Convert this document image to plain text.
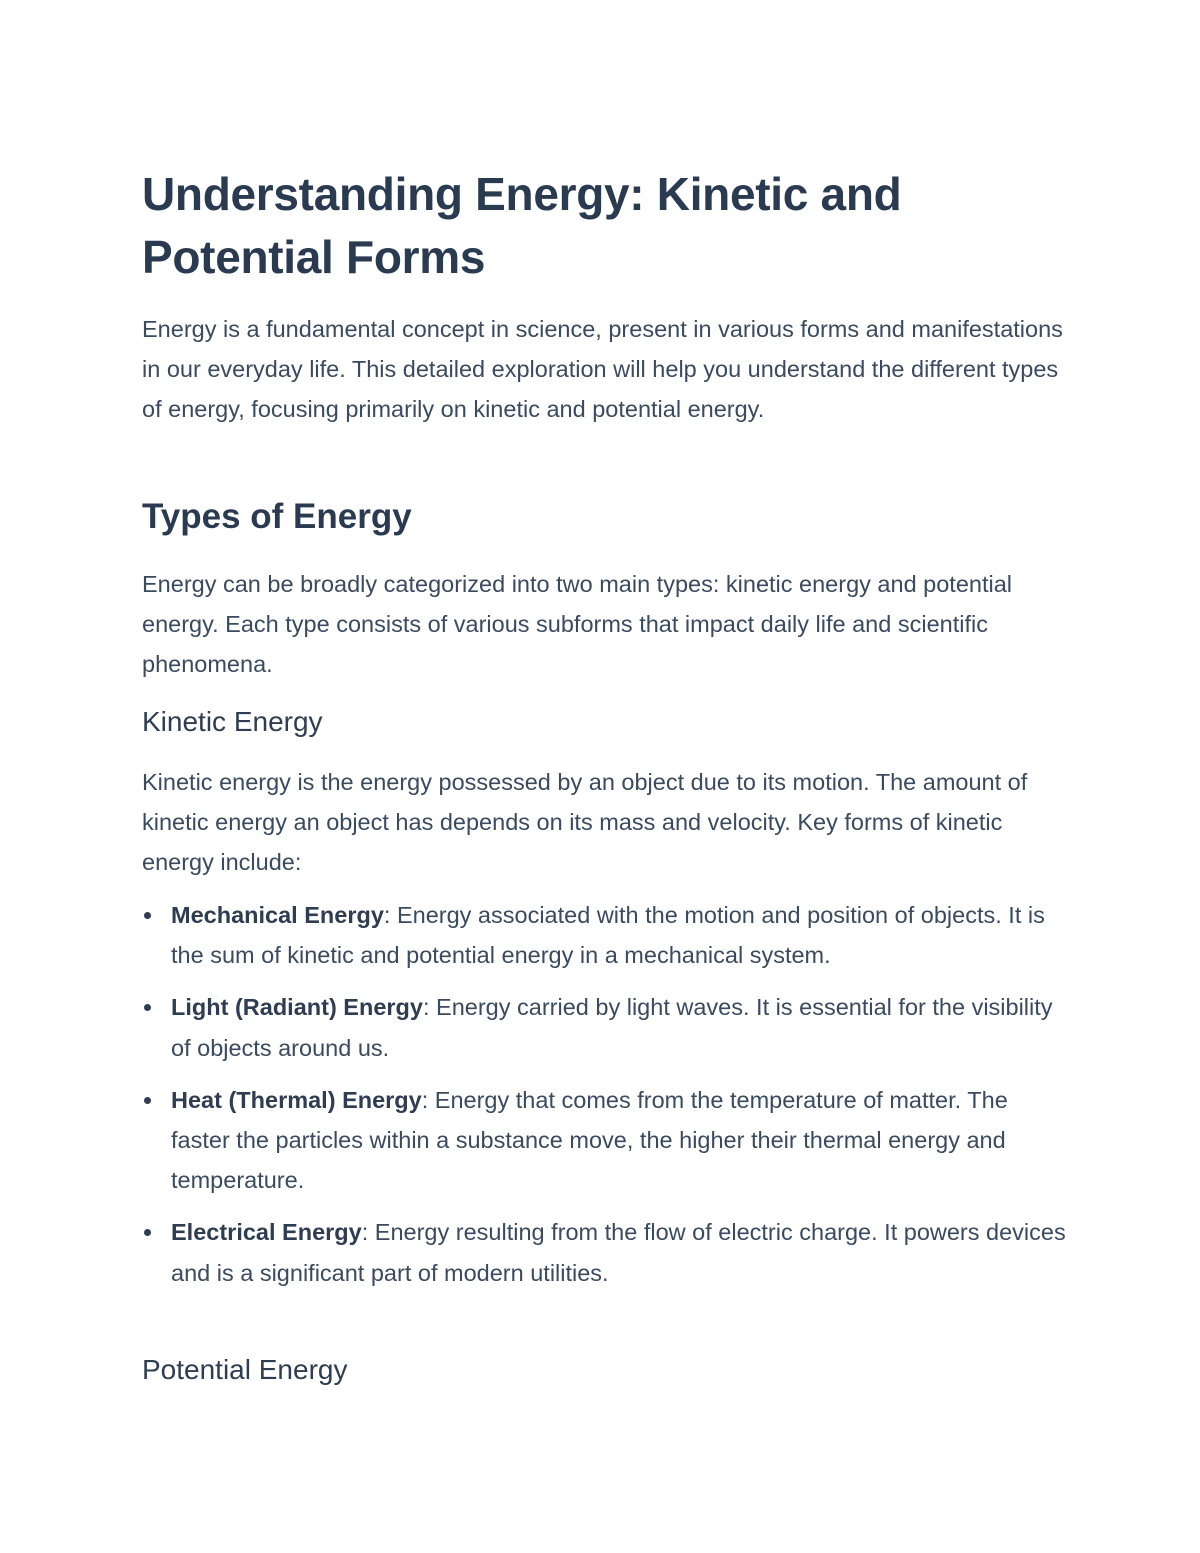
Understanding Energy: Kinetic and Potential Forms

Energy is a fundamental concept in science, present in various forms and manifestations in our everyday life. This detailed exploration will help you understand the different types of energy, focusing primarily on kinetic and potential energy.

Types of Energy

Energy can be broadly categorized into two main types: kinetic energy and potential energy. Each type consists of various subforms that impact daily life and scientific phenomena.

Kinetic Energy

Kinetic energy is the energy possessed by an object due to its motion. The amount of kinetic energy an object has depends on its mass and velocity. Key forms of kinetic energy include:

Mechanical Energy: Energy associated with the motion and position of objects. It is the sum of kinetic and potential energy in a mechanical system.
Light (Radiant) Energy: Energy carried by light waves. It is essential for the visibility of objects around us.
Heat (Thermal) Energy: Energy that comes from the temperature of matter. The faster the particles within a substance move, the higher their thermal energy and temperature.
Electrical Energy: Energy resulting from the flow of electric charge. It powers devices and is a significant part of modern utilities.
Potential Energy
